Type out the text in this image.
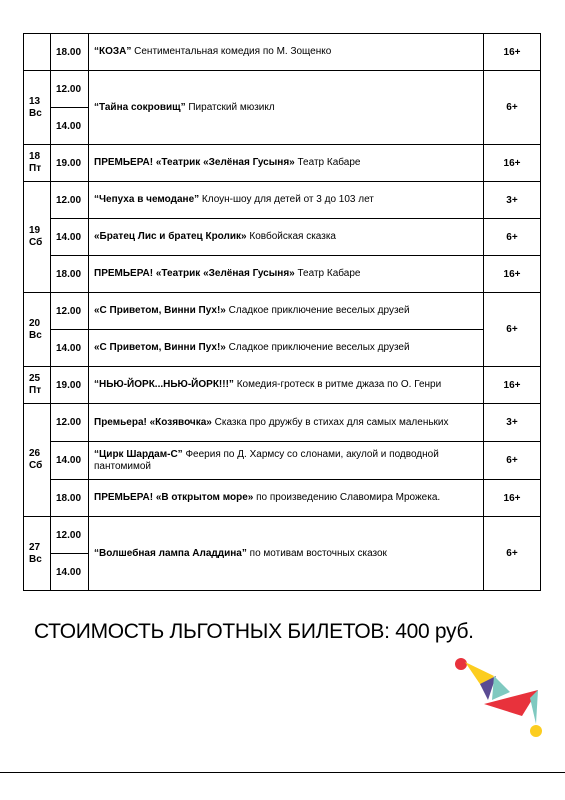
	18.00	“КОЗА” Сентиментальная комедия по М. Зощенко	16+
13
Вс	12.00	“Тайна сокровищ” Пиратский мюзикл	6+
	14.00		
18
Пт	19.00	ПРЕМЬЕРА! «Театрик «Зелёная Гусыня» Театр Кабаре	16+
19
Сб	12.00	“Чепуха в чемодане” Клоун-шоу для детей от 3 до 103 лет	3+
	14.00	«Братец Лис и братец Кролик» Ковбойская сказка	6+
	18.00	ПРЕМЬЕРА! «Театрик «Зелёная Гусыня» Театр Кабаре	16+
20
Вс	12.00	«С Приветом, Винни Пух!» Сладкое приключение веселых друзей	6+
	14.00	«С Приветом, Винни Пух!» Сладкое приключение веселых друзей	
25
Пт	19.00	“НЬЮ-ЙОРК...НЬЮ-ЙОРК!!!” Комедия-гротеск в ритме джаза по О. Генри	16+
26
Сб	12.00	Премьера! «Козявочка» Сказка про дружбу в стихах для самых маленьких	3+
	14.00	“Цирк Шардам-С” Феерия по Д. Хармсу со слонами, акулой и подводной пантомимой	6+
	18.00	ПРЕМЬЕРА! «В открытом море» по произведению Славомира Мрожека.	16+
27
Вс	12.00	“Волшебная лампа Аладдина” по мотивам восточных сказок	6+
	14.00		
СТОИМОСТЬ ЛЬГОТНЫХ БИЛЕТОВ: 400 руб.
